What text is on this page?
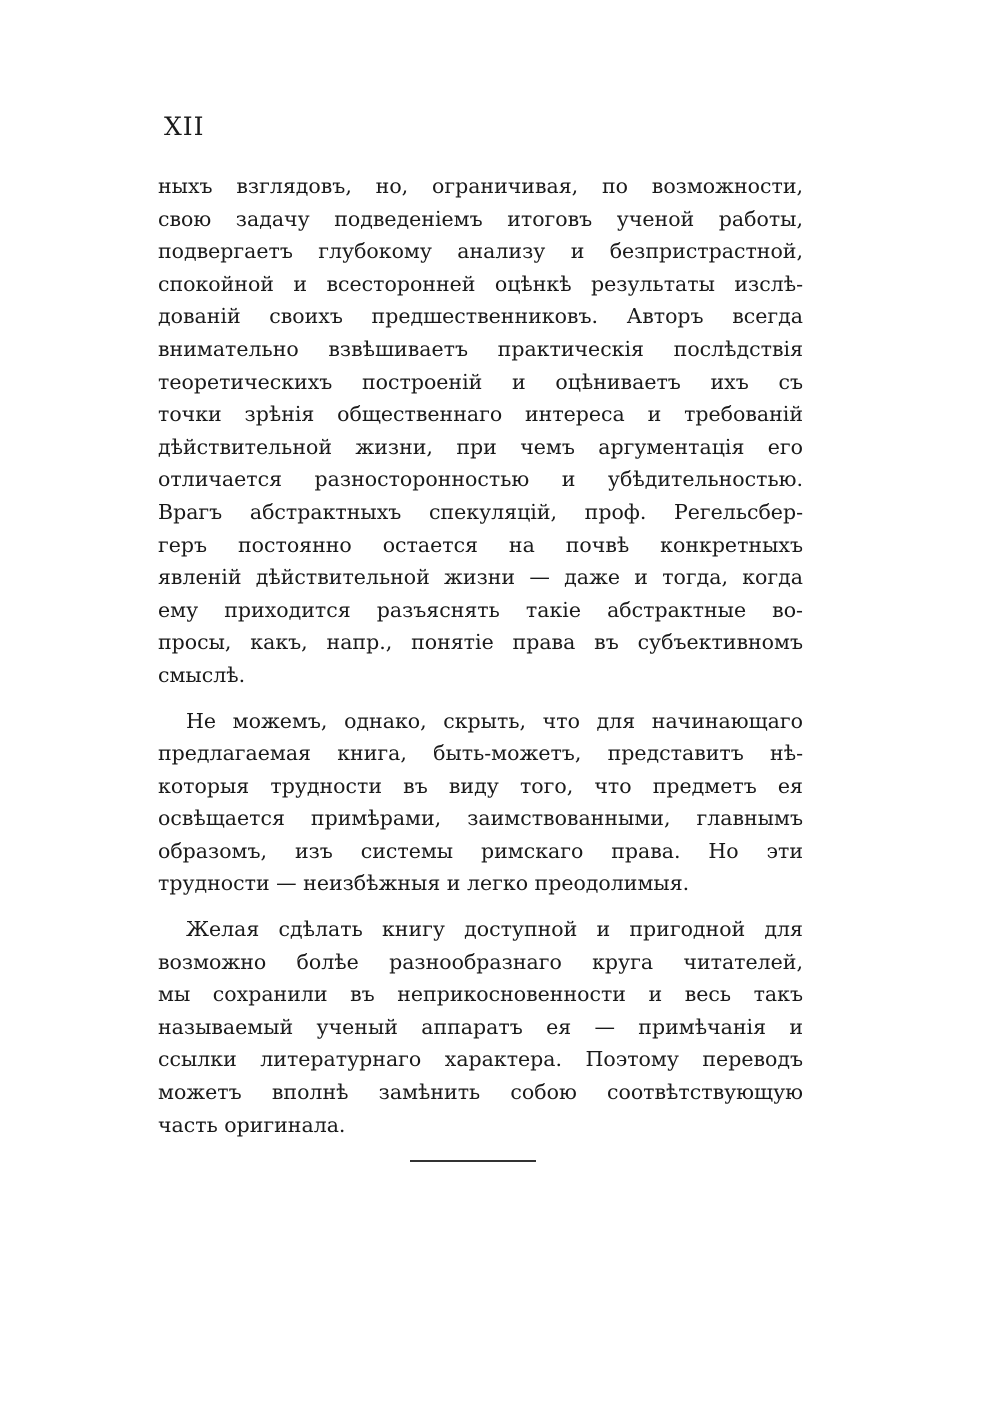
XII
ныхъ взглядовъ, но, ограничивая, по возможности,
свою задачу подведеніемъ итоговъ ученой работы,
подвергаетъ глубокому анализу и безпристрастной,
спокойной и всесторонней оцѣнкѣ результаты изслѣ-
дованій своихъ предшественниковъ. Авторъ всегда
внимательно взвѣшиваетъ практическія послѣдствія
теоретическихъ построеній и оцѣниваетъ ихъ съ
точки зрѣнія общественнаго интереса и требованій
дѣйствительной жизни, при чемъ аргументація его
отличается разносторонностью и убѣдительностью.
Врагъ абстрактныхъ спекуляцій, проф. Регельсбер-
геръ постоянно остается на почвѣ конкретныхъ
явленій дѣйствительной жизни — даже и тогда, когда
ему приходится разъяснять такіе абстрактные во-
просы, какъ, напр., понятіе права въ субъективномъ
смыслѣ.
Не можемъ, однако, скрыть, что для начинающаго
предлагаемая книга, быть-можетъ, представитъ нѣ-
которыя трудности въ виду того, что предметъ ея
освѣщается примѣрами, заимствованными, главнымъ
образомъ, изъ системы римскаго права. Но эти
трудности — неизбѣжныя и легко преодолимыя.
Желая сдѣлать книгу доступной и пригодной для
возможно болѣе разнообразнаго круга читателей,
мы сохранили въ неприкосновенности и весь такъ
называемый ученый аппаратъ ея — примѣчанія и
ссылки литературнаго характера. Поэтому переводъ
можетъ вполнѣ замѣнить собою соотвѣтствующую
часть оригинала.
